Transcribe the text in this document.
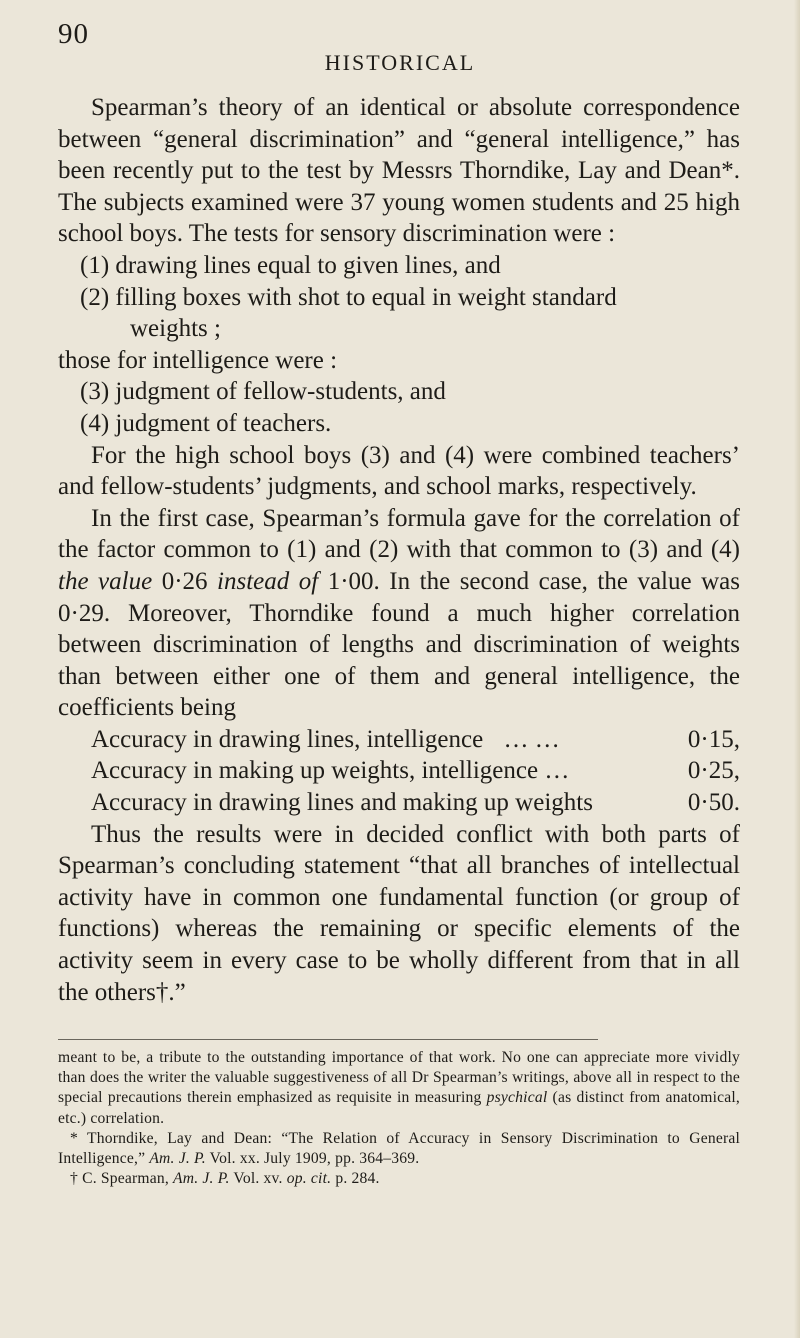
90
HISTORICAL

Spearman’s theory of an identical or absolute correspondence between “general discrimination” and “general intelligence,” has been recently put to the test by Messrs Thorndike, Lay and Dean*. The subjects examined were 37 young women students and 25 high school boys. The tests for sensory discrimination were :

(1) drawing lines equal to given lines, and

(2) filling boxes with shot to equal in weight standard

weights ;

those for intelligence were :

(3) judgment of fellow-students, and

(4) judgment of teachers.

For the high school boys (3) and (4) were combined teachers’ and fellow-students’ judgments, and school marks, respectively.

In the first case, Spearman’s formula gave for the correlation of the factor common to (1) and (2) with that common to (3) and (4) the value 0·26 instead of 1·00. In the second case, the value was 0·29. Moreover, Thorndike found a much higher correlation between discrimination of lengths and discrimination of weights than between either one of them and general intelligence, the coefficients being

Accuracy in drawing lines, intelligence … …	0·15,
Accuracy in making up weights, intelligence …	0·25,
Accuracy in drawing lines and making up weights	0·50.

Thus the results were in decided conflict with both parts of Spearman’s concluding statement “that all branches of intellectual activity have in common one fundamental function (or group of functions) whereas the remaining or specific elements of the activity seem in every case to be wholly different from that in all the others†.”

meant to be, a tribute to the outstanding importance of that work. No one can appreciate more vividly than does the writer the valuable suggestiveness of all Dr Spearman’s writings, above all in respect to the special precautions therein emphasized as requisite in measuring psychical (as distinct from anatomical, etc.) correlation.

* Thorndike, Lay and Dean: “The Relation of Accuracy in Sensory Discrimination to General Intelligence,” Am. J. P. Vol. xx. July 1909, pp. 364–369.

† C. Spearman, Am. J. P. Vol. xv. op. cit. p. 284.
